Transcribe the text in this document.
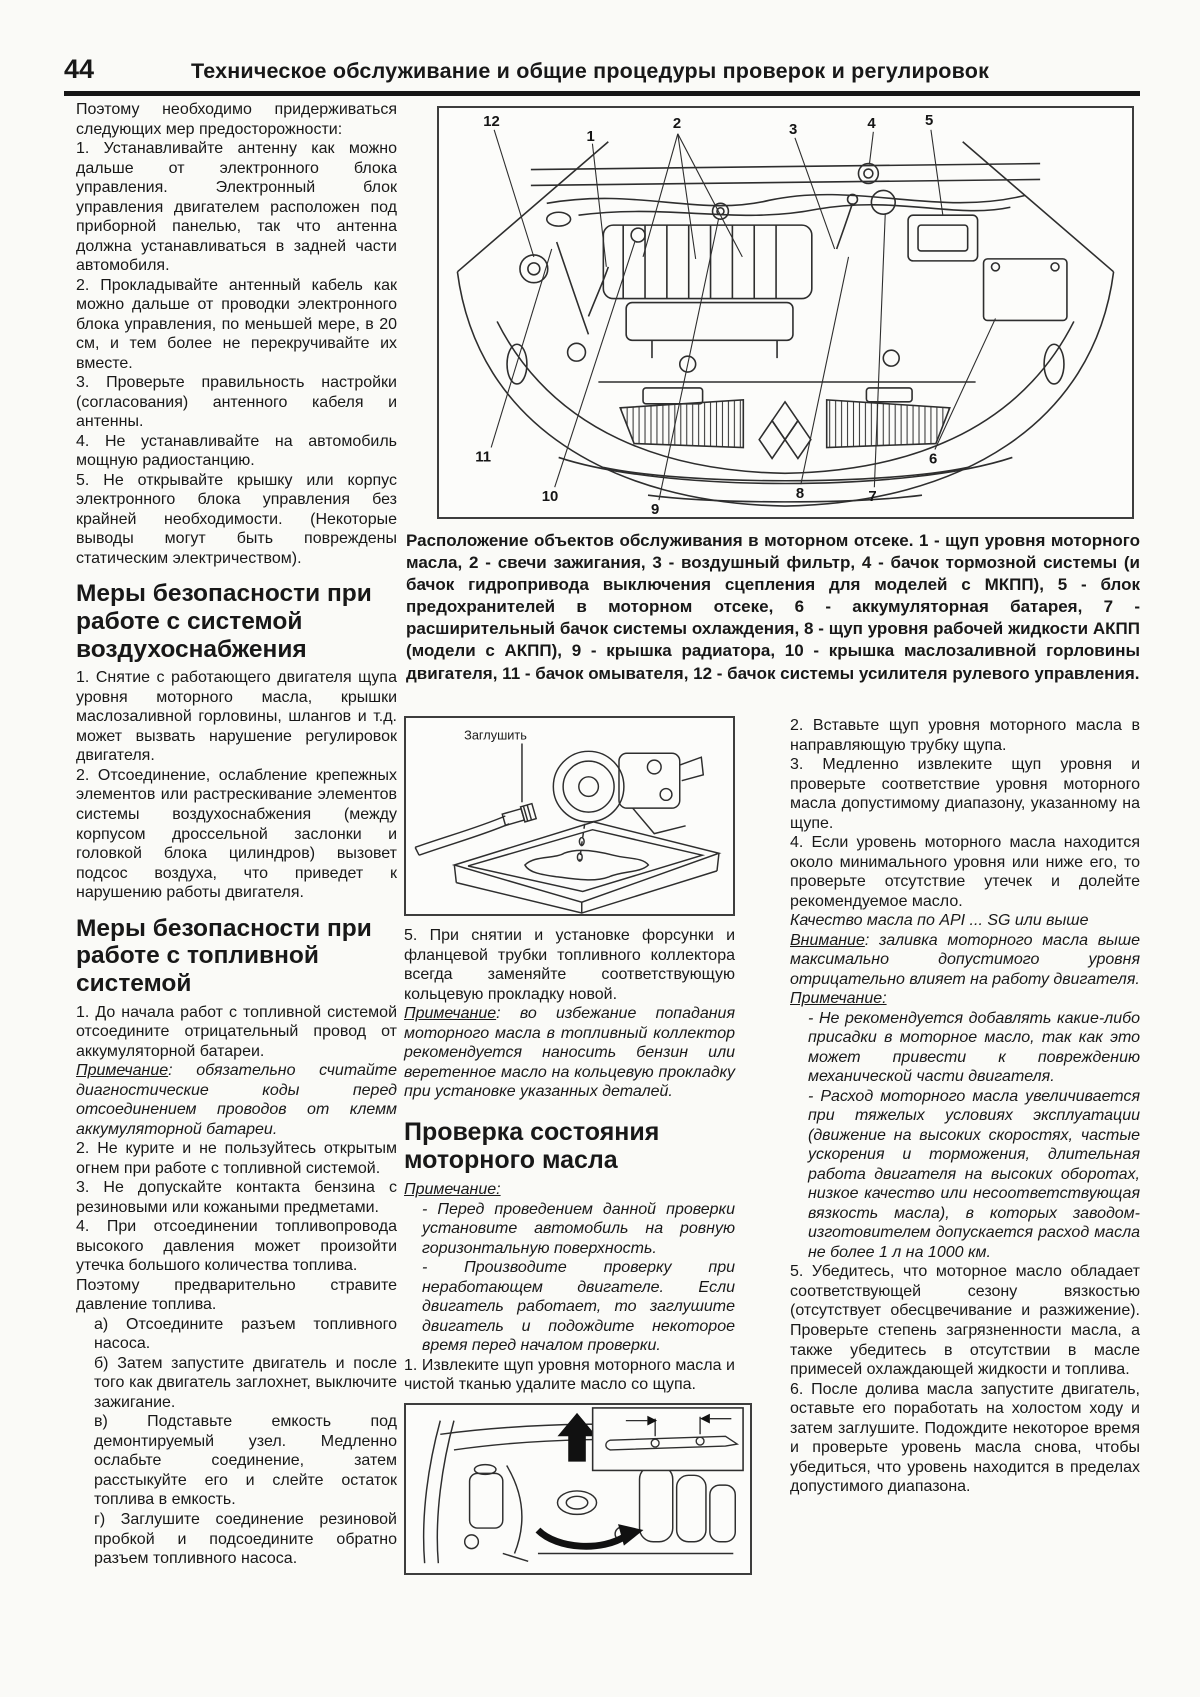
44	Техническое обслуживание и общие процедуры проверок и регулировок

Поэтому необходимо придерживаться следующих мер предосторожности:

1. Устанавливайте антенну как можно дальше от электронного блока управления. Электронный блок управления двигателем расположен под приборной панелью, так что антенна должна устанавливаться в задней части автомобиля.

2. Прокладывайте антенный кабель как можно дальше от проводки электронного блока управления, по меньшей мере, в 20 см, и тем более не перекручивайте их вместе.

3. Проверьте правильность настройки (согласования) антенного кабеля и антенны.

4. Не устанавливайте на автомобиль мощную радиостанцию.

5. Не открывайте крышку или корпус электронного блока управления без крайней необходимости. (Некоторые выводы могут быть повреждены статическим электричеством).

Меры безопасности при работе с системой воздухоснабжения

1. Снятие с работающего двигателя щупа уровня моторного масла, крышки маслозаливной горловины, шлангов и т.д. может вызвать нарушение регулировок двигателя.

2. Отсоединение, ослабление крепежных элементов или растрескивание элементов системы воздухоснабжения (между корпусом дроссельной заслонки и головкой блока цилиндров) вызовет подсос воздуха, что приведет к нарушению работы двигателя.

Меры безопасности при работе с топливной системой

1. До начала работ с топливной системой отсоедините отрицательный провод от аккумуляторной батареи.

Примечание: обязательно считайте диагностические коды перед отсоединением проводов от клемм аккумуляторной батареи.

2. Не курите и не пользуйтесь открытым огнем при работе с топливной системой.

3. Не допускайте контакта бензина с резиновыми или кожаными предметами.

4. При отсоединении топливопровода высокого давления может произойти утечка большого количества топлива.

Поэтому предварительно стравите давление топлива.

а) Отсоедините разъем топливного насоса.

б) Затем запустите двигатель и после того как двигатель заглохнет, выключите зажигание.

в) Подставьте емкость под демонтируемый узел. Медленно ослабьте соединение, затем расстыкуйте его и слейте остаток топлива в емкость.

г) Заглушите соединение резиновой пробкой и подсоедините обратно разъем топливного насоса.

12
1
2	3	4	5
11
10
9
8	7
6
Расположение объектов обслуживания в моторном отсеке. 1 - щуп уровня моторного масла, 2 - свечи зажигания, 3 - воздушный фильтр, 4 - бачок тормозной системы (и бачок гидропривода выключения сцепления для моделей с МКПП), 5 - блок предохранителей в моторном отсеке, 6 - аккумуляторная батарея, 7 - расширительный бачок системы охлаждения, 8 - щуп уровня рабочей жидкости АКПП (модели с АКПП), 9 - крышка радиатора, 10 - крышка маслозаливной горловины двигателя, 11 - бачок омывателя, 12 - бачок системы усилителя рулевого управления.
Заглушить

5. При снятии и установке форсунки и фланцевой трубки топливного коллектора всегда заменяйте соответствующую кольцевую прокладку новой.

Примечание: во избежание попадания моторного масла в топливный коллектор рекомендуется наносить бензин или веретенное масло на кольцевую прокладку при установке указанных деталей.

Проверка состояния моторного масла

Примечание:

- Перед проведением данной проверки установите автомобиль на ровную горизонтальную поверхность.

- Производите проверку при неработающем двигателе. Если двигатель работает, то заглушите двигатель и подождите некоторое время перед началом проверки.

1. Извлеките щуп уровня моторного масла и чистой тканью удалите масло со щупа.

2. Вставьте щуп уровня моторного масла в направляющую трубку щупа.

3. Медленно извлеките щуп уровня и проверьте соответствие уровня моторного масла допустимому диапазону, указанному на щупе.

4. Если уровень моторного масла находится около минимального уровня или ниже его, то проверьте отсутствие утечек и долейте рекомендуемое масло.

Качество масла по API ... SG или выше

Внимание: заливка моторного масла выше максимально допустимого уровня отрицательно влияет на работу двигателя.

Примечание:

- Не рекомендуется добавлять какие-либо присадки в моторное масло, так как это может привести к повреждению механической части двигателя.

- Расход моторного масла увеличивается при тяжелых условиях эксплуатации (движение на высоких скоростях, частые ускорения и торможения, длительная работа двигателя на высоких оборотах, низкое качество или несоответствующая вязкость масла), в которых заводом-изготовителем допускается расход масла не более 1 л на 1000 км.

5. Убедитесь, что моторное масло обладает соответствующей сезону вязкостью (отсутствует обесцвечивание и разжижение). Проверьте степень загрязненности масла, а также убедитесь в отсутствии в масле примесей охлаждающей жидкости и топлива.

6. После долива масла запустите двигатель, оставьте его поработать на холостом ходу и затем заглушите. Подождите некоторое время и проверьте уровень масла снова, чтобы убедиться, что уровень находится в пределах допустимого диапазона.
